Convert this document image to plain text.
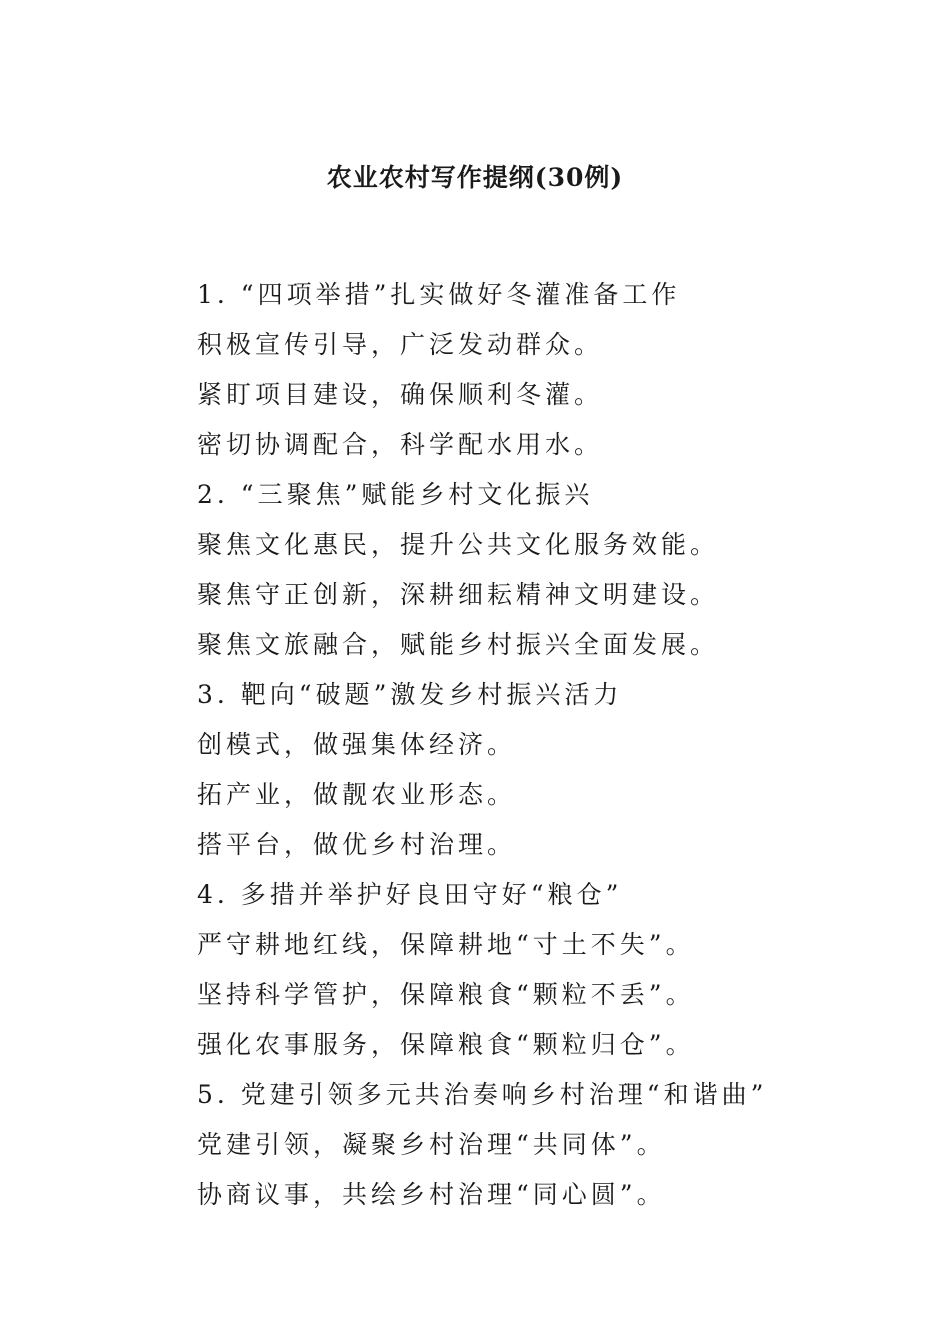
农业农村写作提纲(30例)
1. “四项举措”扎实做好冬灌准备工作
积极宣传引导，广泛发动群众。
紧盯项目建设，确保顺利冬灌。
密切协调配合，科学配水用水。
2. “三聚焦”赋能乡村文化振兴
聚焦文化惠民，提升公共文化服务效能。
聚焦守正创新，深耕细耘精神文明建设。
聚焦文旅融合，赋能乡村振兴全面发展。
3. 靶向“破题”激发乡村振兴活力
创模式，做强集体经济。
拓产业，做靓农业形态。
搭平台，做优乡村治理。
4. 多措并举护好良田守好“粮仓”
严守耕地红线，保障耕地“寸土不失”。
坚持科学管护，保障粮食“颗粒不丢”。
强化农事服务，保障粮食“颗粒归仓”。
5. 党建引领多元共治奏响乡村治理“和谐曲”
党建引领，凝聚乡村治理“共同体”。
协商议事，共绘乡村治理“同心圆”。
